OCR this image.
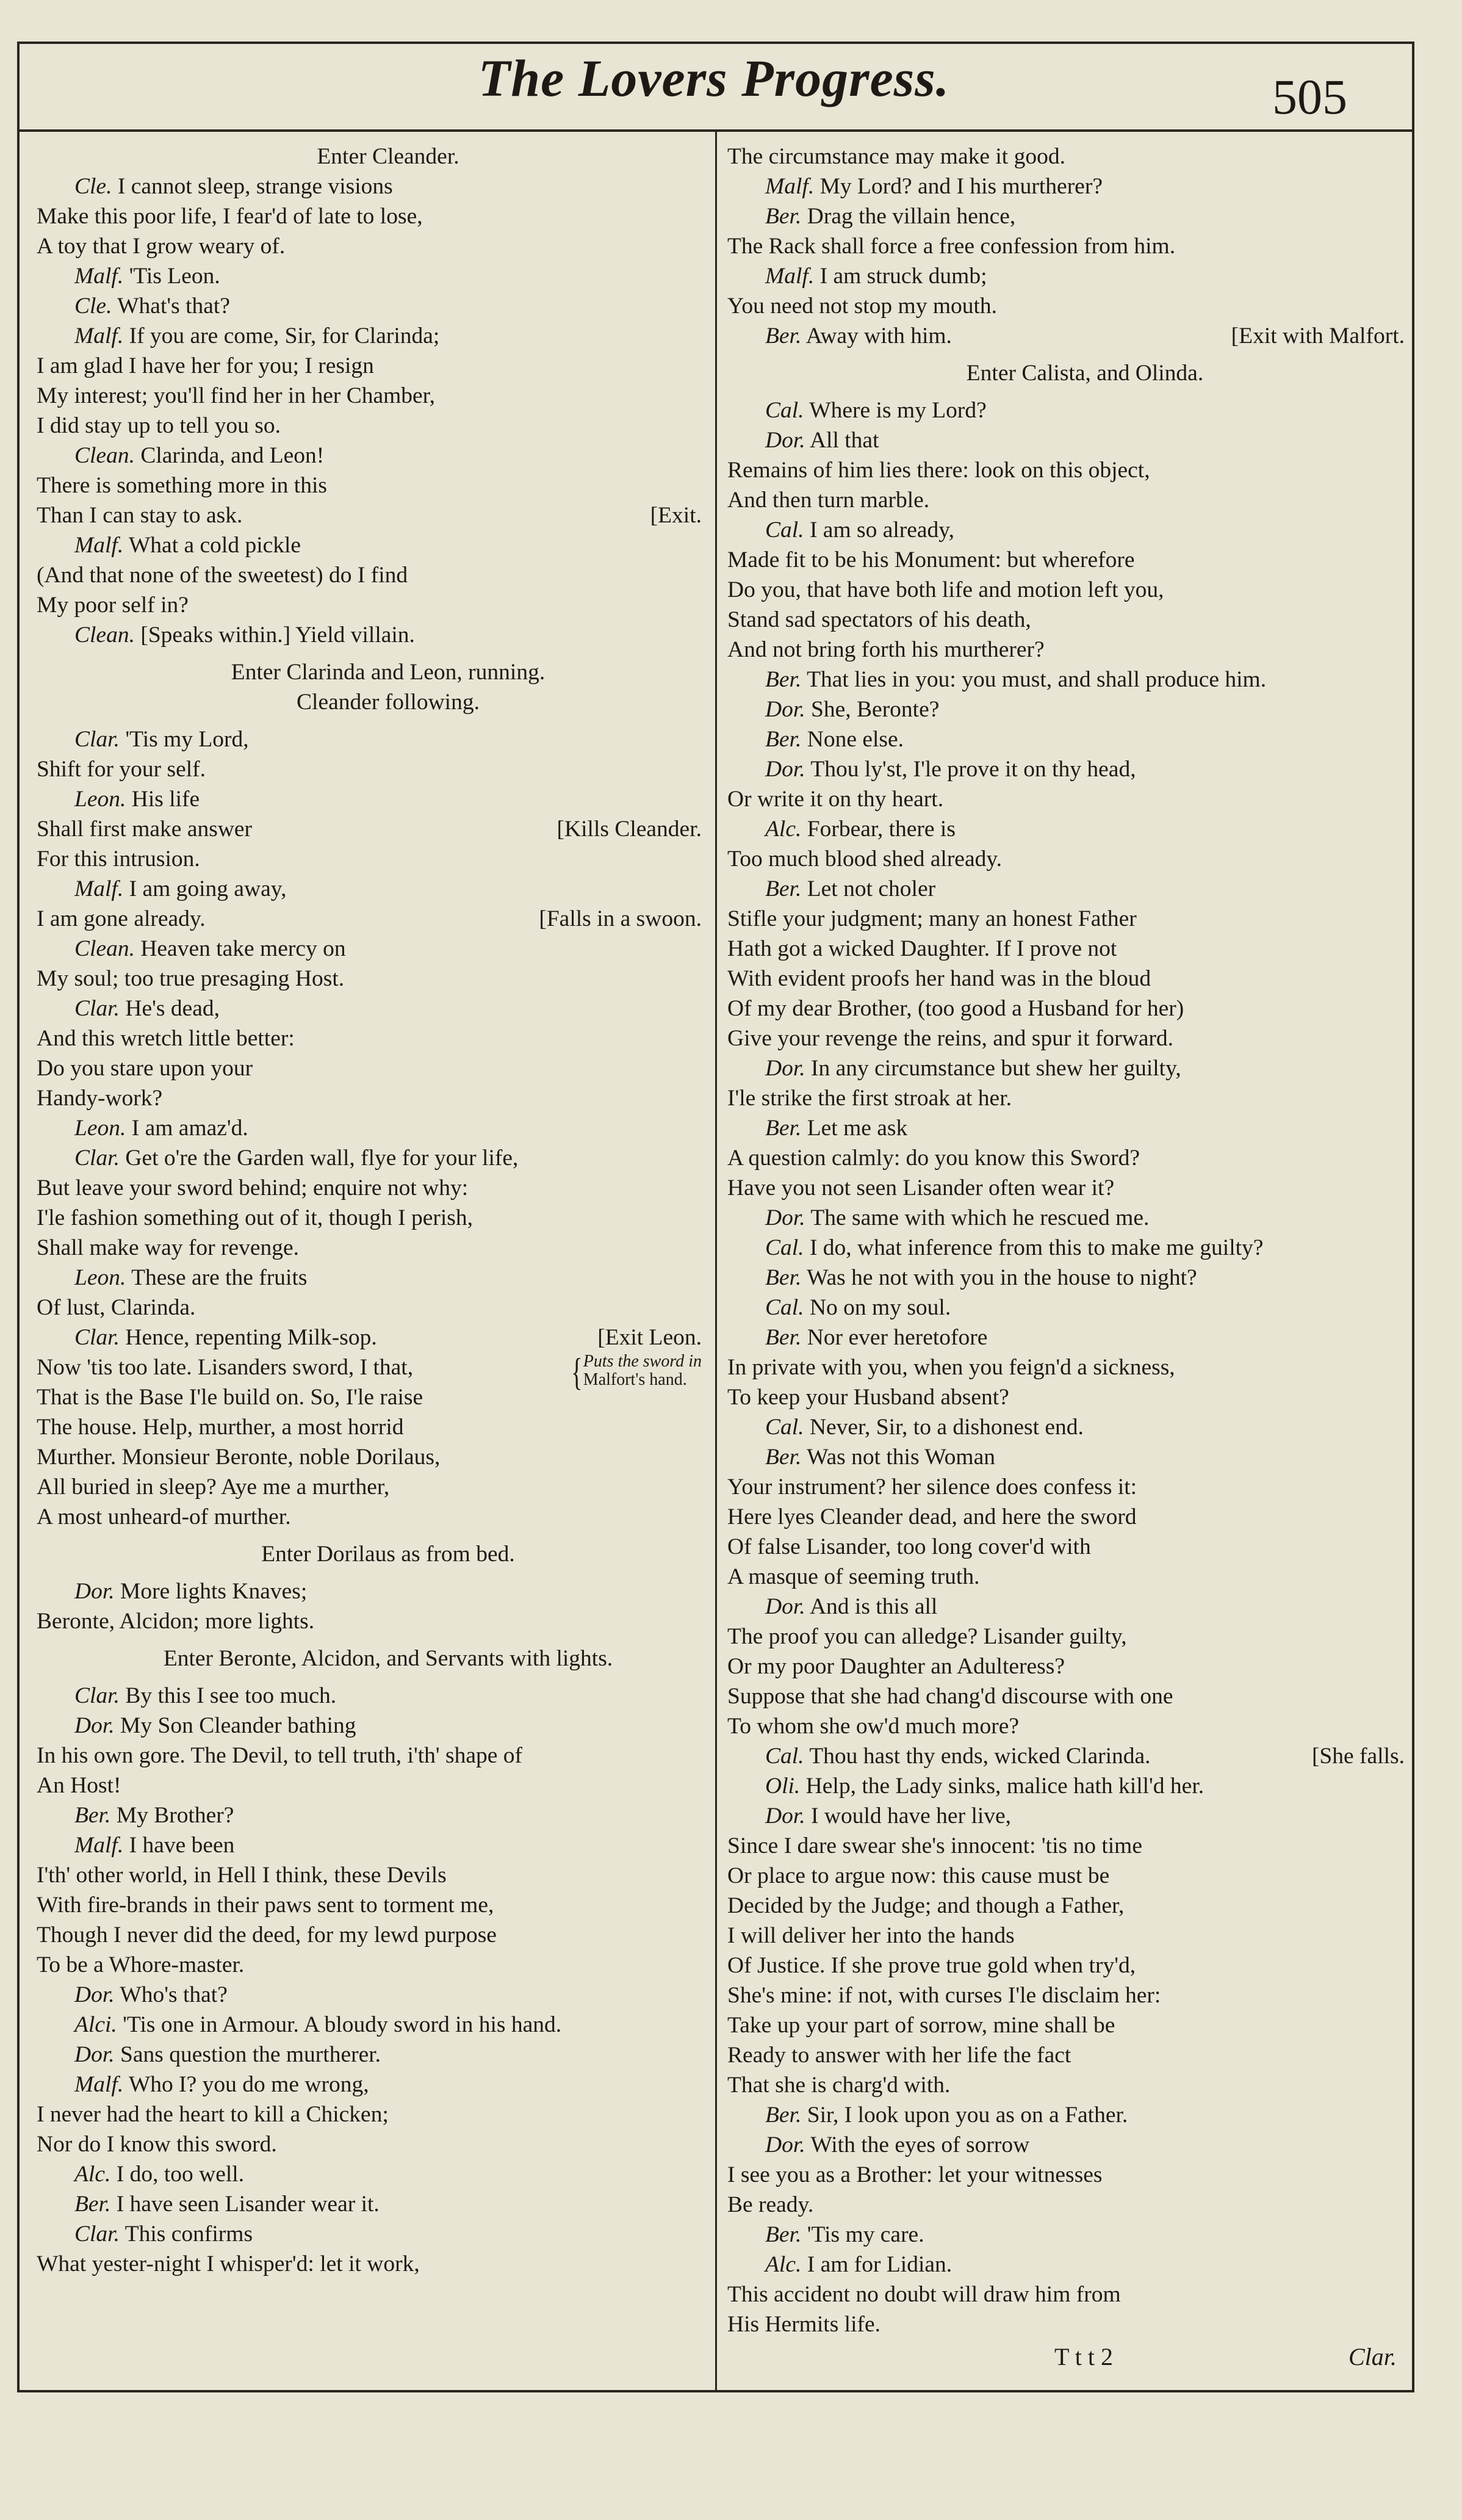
The Lovers Progress.	505
Enter Cleander.
Cle. I cannot sleep, strange visions
Make this poor life, I fear'd of late to lose,
A toy that I grow weary of.
Malf. 'Tis Leon.
Cle. What's that?
Malf. If you are come, Sir, for Clarinda;
I am glad I have her for you; I resign
My interest; you'll find her in her Chamber,
I did stay up to tell you so.
Clean. Clarinda, and Leon!
There is something more in this
Than I can stay to ask.	[Exit.
Malf. What a cold pickle
(And that none of the sweetest) do I find
My poor self in?
Clean. [Speaks within.] Yield villain.
Enter Clarinda and Leon, running.
Cleander following.
Clar. 'Tis my Lord,
Shift for your self.
Leon. His life
Shall first make answer	[Kills Cleander.
For this intrusion.
Malf. I am going away,
I am gone already.	[Falls in a swoon.
Clean. Heaven take mercy on
My soul; too true presaging Host.
Clar. He's dead,
And this wretch little better:
Do you stare upon your
Handy-work?
Leon. I am amaz'd.
Clar. Get o're the Garden wall, flye for your life,
But leave your sword behind; enquire not why:
I'le fashion something out of it, though I perish,
Shall make way for revenge.
Leon. These are the fruits
Of lust, Clarinda.
Clar. Hence, repenting Milk-sop.	[Exit Leon.
Now 'tis too late. Lisanders sword, I that,	{ Puts the sword in
Malfort's hand.
That is the Base I'le build on. So, I'le raise
The house. Help, murther, a most horrid
Murther. Monsieur Beronte, noble Dorilaus,
All buried in sleep? Aye me a murther,
A most unheard-of murther.
Enter Dorilaus as from bed.
Dor. More lights Knaves;
Beronte, Alcidon; more lights.
Enter Beronte, Alcidon, and Servants with lights.
Clar. By this I see too much.
Dor. My Son Cleander bathing
In his own gore. The Devil, to tell truth, i'th' shape of
An Host!
Ber. My Brother?
Malf. I have been
I'th' other world, in Hell I think, these Devils
With fire-brands in their paws sent to torment me,
Though I never did the deed, for my lewd purpose
To be a Whore-master.
Dor. Who's that?
Alci. 'Tis one in Armour. A bloudy sword in his hand.
Dor. Sans question the murtherer.
Malf. Who I? you do me wrong,
I never had the heart to kill a Chicken;
Nor do I know this sword.
Alc. I do, too well.
Ber. I have seen Lisander wear it.
Clar. This confirms
What yester-night I whisper'd: let it work,
The circumstance may make it good.
Malf. My Lord? and I his murtherer?
Ber. Drag the villain hence,
The Rack shall force a free confession from him.
Malf. I am struck dumb;
You need not stop my mouth.
Ber. Away with him.	[Exit with Malfort.
Enter Calista, and Olinda.
Cal. Where is my Lord?
Dor. All that
Remains of him lies there: look on this object,
And then turn marble.
Cal. I am so already,
Made fit to be his Monument: but wherefore
Do you, that have both life and motion left you,
Stand sad spectators of his death,
And not bring forth his murtherer?
Ber. That lies in you: you must, and shall produce him.
Dor. She, Beronte?
Ber. None else.
Dor. Thou ly'st, I'le prove it on thy head,
Or write it on thy heart.
Alc. Forbear, there is
Too much blood shed already.
Ber. Let not choler
Stifle your judgment; many an honest Father
Hath got a wicked Daughter. If I prove not
With evident proofs her hand was in the bloud
Of my dear Brother, (too good a Husband for her)
Give your revenge the reins, and spur it forward.
Dor. In any circumstance but shew her guilty,
I'le strike the first stroak at her.
Ber. Let me ask
A question calmly: do you know this Sword?
Have you not seen Lisander often wear it?
Dor. The same with which he rescued me.
Cal. I do, what inference from this to make me guilty?
Ber. Was he not with you in the house to night?
Cal. No on my soul.
Ber. Nor ever heretofore
In private with you, when you feign'd a sickness,
To keep your Husband absent?
Cal. Never, Sir, to a dishonest end.
Ber. Was not this Woman
Your instrument? her silence does confess it:
Here lyes Cleander dead, and here the sword
Of false Lisander, too long cover'd with
A masque of seeming truth.
Dor. And is this all
The proof you can alledge? Lisander guilty,
Or my poor Daughter an Adulteress?
Suppose that she had chang'd discourse with one
To whom she ow'd much more?
Cal. Thou hast thy ends, wicked Clarinda.	[She falls.
Oli. Help, the Lady sinks, malice hath kill'd her.
Dor. I would have her live,
Since I dare swear she's innocent: 'tis no time
Or place to argue now: this cause must be
Decided by the Judge; and though a Father,
I will deliver her into the hands
Of Justice. If she prove true gold when try'd,
She's mine: if not, with curses I'le disclaim her:
Take up your part of sorrow, mine shall be
Ready to answer with her life the fact
That she is charg'd with.
Ber. Sir, I look upon you as on a Father.
Dor. With the eyes of sorrow
I see you as a Brother: let your witnesses
Be ready.
Ber. 'Tis my care.
Alc. I am for Lidian.
This accident no doubt will draw him from
His Hermits life.
T t t 2	Clar.
